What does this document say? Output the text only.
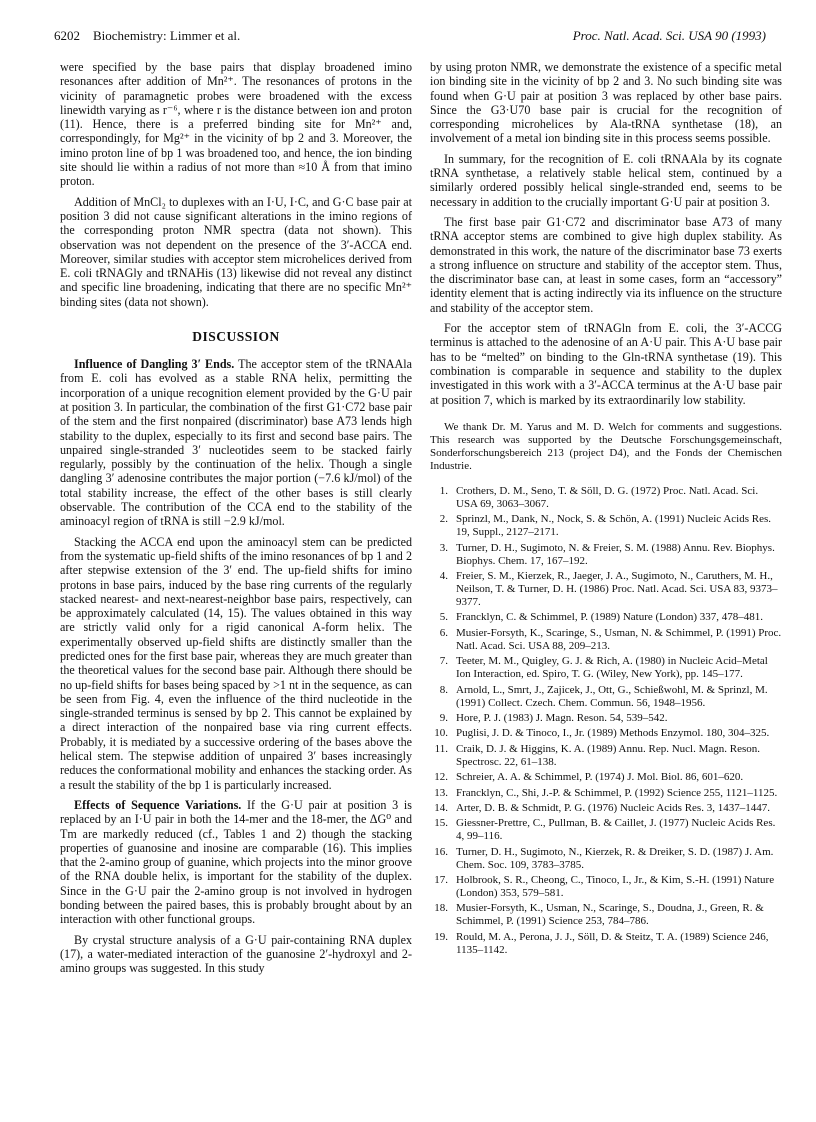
6202 Biochemistry: Limmer et al.	Proc. Natl. Acad. Sci. USA 90 (1993)

were specified by the base pairs that display broadened imino resonances after addition of Mn²⁺. The resonances of protons in the vicinity of paramagnetic probes were broadened with the excess linewidth varying as r⁻⁶, where r is the distance between ion and proton (11). Hence, there is a preferred binding site for Mn²⁺ and, correspondingly, for Mg²⁺ in the vicinity of bp 2 and 3. Moreover, the imino proton line of bp 1 was broadened too, and hence, the ion binding site should lie within a radius of not more than ≈10 Å from that imino proton.

Addition of MnCl₂ to duplexes with an I·U, I·C, and G·C base pair at position 3 did not cause significant alterations in the imino regions of the corresponding proton NMR spectra (data not shown). This observation was not dependent on the presence of the 3′-ACCA end. Moreover, similar studies with acceptor stem microhelices derived from E. coli tRNAGly and tRNAHis (13) likewise did not reveal any distinct and specific line broadening, indicating that there are no specific Mn²⁺ binding sites (data not shown).

DISCUSSION

Influence of Dangling 3′ Ends. The acceptor stem of the tRNAAla from E. coli has evolved as a stable RNA helix, permitting the incorporation of a unique recognition element provided by the G·U pair at position 3. In particular, the combination of the first G1·C72 base pair of the stem and the first nonpaired (discriminator) base A73 lends high stability to the duplex, especially to its first and second base pairs. The unpaired single-stranded 3′ nucleotides seem to be stacked fairly regularly, possibly by the continuation of the helix. Though a single dangling 3′ adenosine contributes the major portion (−7.6 kJ/mol) of the total stability increase, the effect of the other bases is still clearly observable. The contribution of the CCA end to the stability of the aminoacyl region of tRNA is still −2.9 kJ/mol.

Stacking the ACCA end upon the aminoacyl stem can be predicted from the systematic up-field shifts of the imino resonances of bp 1 and 2 after stepwise extension of the 3′ end. The up-field shifts for imino protons in base pairs, induced by the base ring currents of the regularly stacked nearest- and next-nearest-neighbor base pairs, respectively, can be approximately calculated (14, 15). The values obtained in this way are strictly valid only for a rigid canonical A-form helix. The experimentally observed up-field shifts are distinctly smaller than the predicted ones for the first base pair, whereas they are much greater than the theoretical values for the second base pair. Although there should be no up-field shifts for bases being spaced by >1 nt in the sequence, as can be seen from Fig. 4, even the influence of the third nucleotide in the single-stranded terminus is sensed by bp 2. This cannot be explained by a direct interaction of the nonpaired base via ring current effects. Probably, it is mediated by a successive ordering of the bases above the helical stem. The stepwise addition of unpaired 3′ bases increasingly reduces the conformational mobility and enhances the stacking order. As a result the stability of the bp 1 is particularly increased.

Effects of Sequence Variations. If the G·U pair at position 3 is replaced by an I·U pair in both the 14-mer and the 18-mer, the ΔG⁰ and Tm are markedly reduced (cf., Tables 1 and 2) though the stacking properties of guanosine and inosine are comparable (16). This implies that the 2-amino group of guanine, which projects into the minor groove of the RNA double helix, is important for the stability of the duplex. Since in the G·U pair the 2-amino group is not involved in hydrogen bonding between the paired bases, this is probably brought about by an interaction with other functional groups.

By crystal structure analysis of a G·U pair-containing RNA duplex (17), a water-mediated interaction of the guanosine 2′-hydroxyl and 2-amino groups was suggested. In this study

by using proton NMR, we demonstrate the existence of a specific metal ion binding site in the vicinity of bp 2 and 3. No such binding site was found when G·U pair at position 3 was replaced by other base pairs. Since the G3·U70 base pair is crucial for the recognition of corresponding microhelices by Ala-tRNA synthetase (18), an involvement of a metal ion binding site in this process seems possible.

In summary, for the recognition of E. coli tRNAAla by its cognate tRNA synthetase, a relatively stable helical stem, continued by a similarly ordered possibly helical single-stranded end, seems to be necessary in addition to the crucially important G·U pair at position 3.

The first base pair G1·C72 and discriminator base A73 of many tRNA acceptor stems are combined to give high duplex stability. As demonstrated in this work, the nature of the discriminator base 73 exerts a strong influence on structure and stability of the acceptor stem. Thus, the discriminator base can, at least in some cases, form an “accessory” identity element that is acting indirectly via its influence on the structure and stability of the acceptor stem.

For the acceptor stem of tRNAGln from E. coli, the 3′-ACCG terminus is attached to the adenosine of an A·U pair. This A·U base pair has to be “melted” on binding to the Gln-tRNA synthetase (19). This combination is comparable in sequence and stability to the duplex investigated in this work with a 3′-ACCA terminus at the A·U base pair at position 7, which is marked by its extraordinarily low stability.

We thank Dr. M. Yarus and M. D. Welch for comments and suggestions. This research was supported by the Deutsche Forschungsgemeinschaft, Sonderforschungsbereich 213 (project D4), and the Fonds der Chemischen Industrie.

1. Crothers, D. M., Seno, T. & Söll, D. G. (1972) Proc. Natl. Acad. Sci. USA 69, 3063–3067.
2. Sprinzl, M., Dank, N., Nock, S. & Schön, A. (1991) Nucleic Acids Res. 19, Suppl., 2127–2171.
3. Turner, D. H., Sugimoto, N. & Freier, S. M. (1988) Annu. Rev. Biophys. Biophys. Chem. 17, 167–192.
4. Freier, S. M., Kierzek, R., Jaeger, J. A., Sugimoto, N., Caruthers, M. H., Neilson, T. & Turner, D. H. (1986) Proc. Natl. Acad. Sci. USA 83, 9373–9377.
5. Francklyn, C. & Schimmel, P. (1989) Nature (London) 337, 478–481.
6. Musier-Forsyth, K., Scaringe, S., Usman, N. & Schimmel, P. (1991) Proc. Natl. Acad. Sci. USA 88, 209–213.
7. Teeter, M. M., Quigley, G. J. & Rich, A. (1980) in Nucleic Acid–Metal Ion Interaction, ed. Spiro, T. G. (Wiley, New York), pp. 145–177.
8. Arnold, L., Smrt, J., Zajicek, J., Ott, G., Schießwohl, M. & Sprinzl, M. (1991) Collect. Czech. Chem. Commun. 56, 1948–1956.
9. Hore, P. J. (1983) J. Magn. Reson. 54, 539–542.
10. Puglisi, J. D. & Tinoco, I., Jr. (1989) Methods Enzymol. 180, 304–325.
11. Craik, D. J. & Higgins, K. A. (1989) Annu. Rep. Nucl. Magn. Reson. Spectrosc. 22, 61–138.
12. Schreier, A. A. & Schimmel, P. (1974) J. Mol. Biol. 86, 601–620.
13. Francklyn, C., Shi, J.-P. & Schimmel, P. (1992) Science 255, 1121–1125.
14. Arter, D. B. & Schmidt, P. G. (1976) Nucleic Acids Res. 3, 1437–1447.
15. Giessner-Prettre, C., Pullman, B. & Caillet, J. (1977) Nucleic Acids Res. 4, 99–116.
16. Turner, D. H., Sugimoto, N., Kierzek, R. & Dreiker, S. D. (1987) J. Am. Chem. Soc. 109, 3783–3785.
17. Holbrook, S. R., Cheong, C., Tinoco, I., Jr., & Kim, S.-H. (1991) Nature (London) 353, 579–581.
18. Musier-Forsyth, K., Usman, N., Scaringe, S., Doudna, J., Green, R. & Schimmel, P. (1991) Science 253, 784–786.
19. Rould, M. A., Perona, J. J., Söll, D. & Steitz, T. A. (1989) Science 246, 1135–1142.
